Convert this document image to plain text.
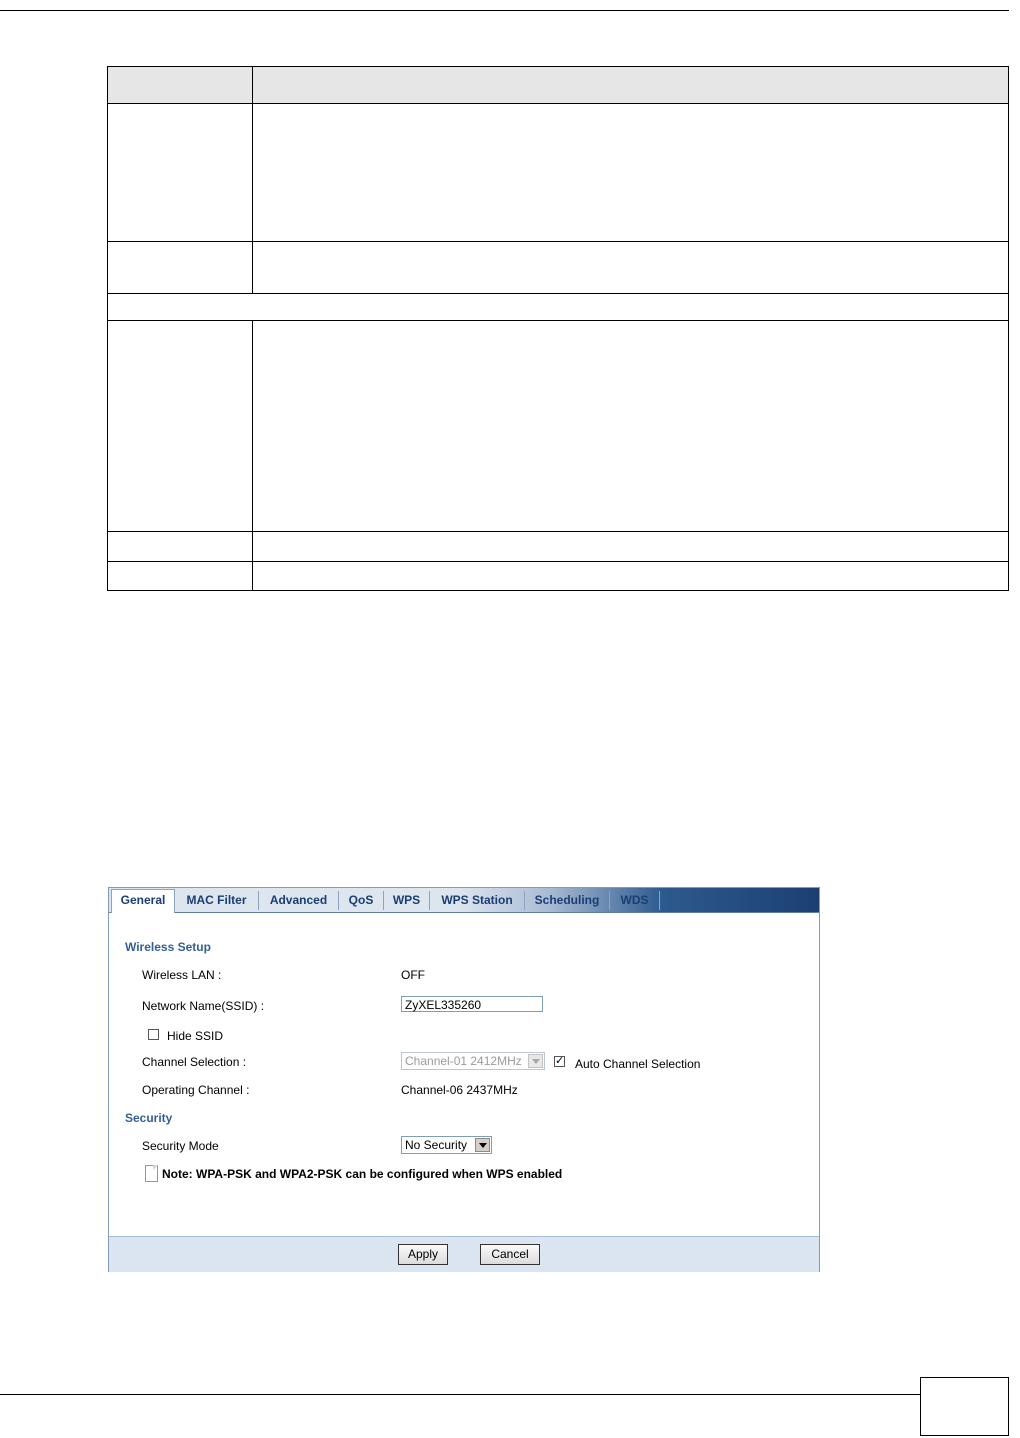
General	MAC Filter	Advanced	QoS	WPS	WPS Station	Scheduling	WDS
Wireless Setup
Wireless LAN :	OFF
Network Name(SSID) :	ZyXEL335260
Hide SSID
Channel Selection :	Channel-01 2412MHz	✓ Auto Channel Selection
Operating Channel :	Channel-06 2437MHz
Security
Security Mode	No Security
Note: WPA-PSK and WPA2-PSK can be configured when WPS enabled
Apply	Cancel
